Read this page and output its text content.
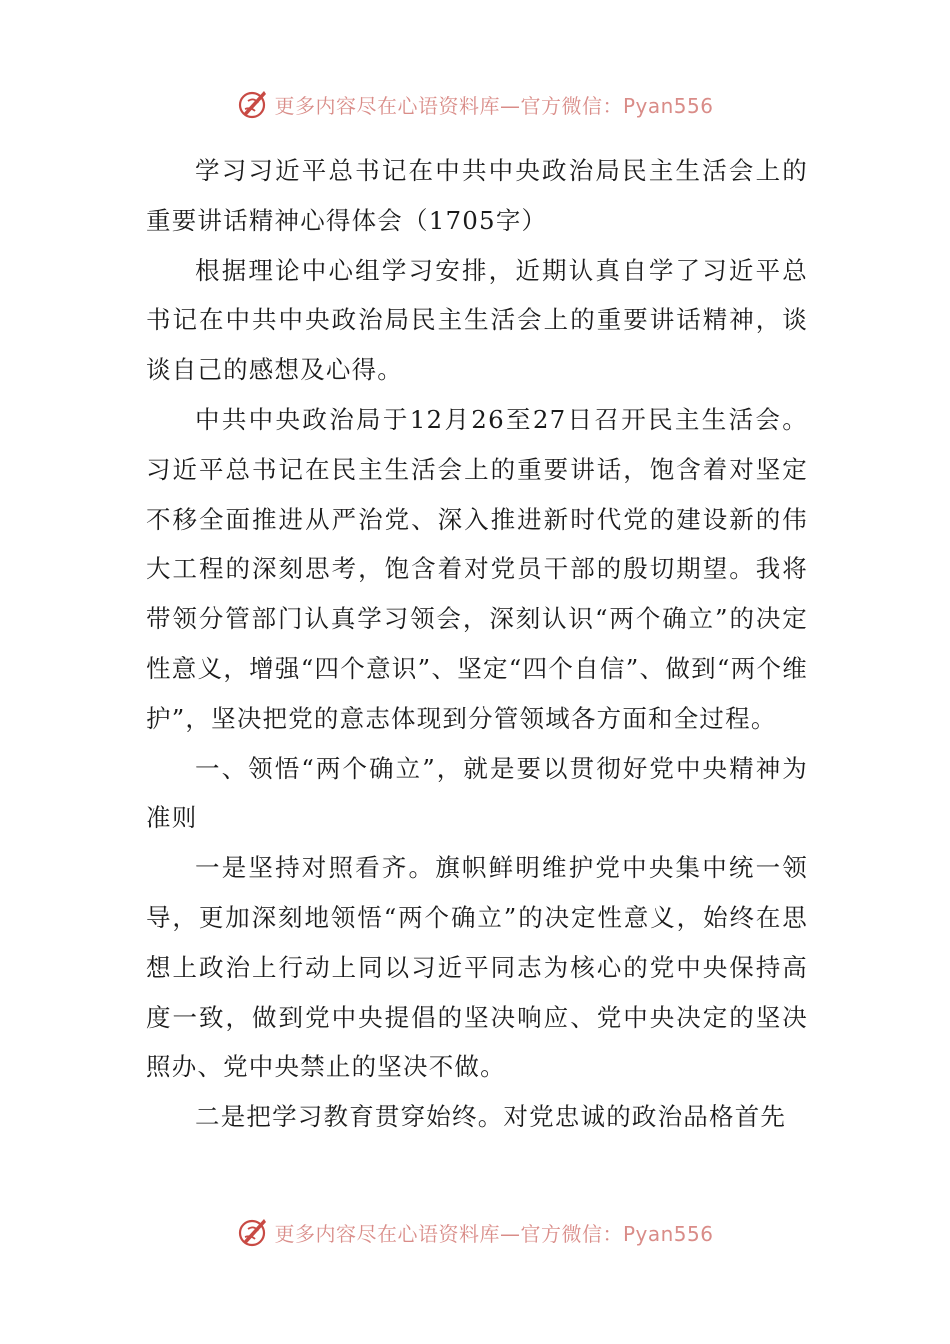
更多内容尽在心语资料库—官方微信：Pyan556

学习习近平总书记在中共中央政治局民主生活会上的重要讲话精神心得体会（1705字）

根据理论中心组学习安排，近期认真自学了习近平总书记在中共中央政治局民主生活会上的重要讲话精神，谈谈自己的感想及心得。

中共中央政治局于12月26至27日召开民主生活会。习近平总书记在民主生活会上的重要讲话，饱含着对坚定不移全面推进从严治党、深入推进新时代党的建设新的伟大工程的深刻思考，饱含着对党员干部的殷切期望。我将带领分管部门认真学习领会，深刻认识“两个确立”的决定性意义，增强“四个意识”、坚定“四个自信”、做到“两个维护”，坚决把党的意志体现到分管领域各方面和全过程。

一、领悟“两个确立”，就是要以贯彻好党中央精神为准则

一是坚持对照看齐。旗帜鲜明维护党中央集中统一领导，更加深刻地领悟“两个确立”的决定性意义，始终在思想上政治上行动上同以习近平同志为核心的党中央保持高度一致，做到党中央提倡的坚决响应、党中央决定的坚决照办、党中央禁止的坚决不做。

二是把学习教育贯穿始终。对党忠诚的政治品格首先

更多内容尽在心语资料库—官方微信：Pyan556
